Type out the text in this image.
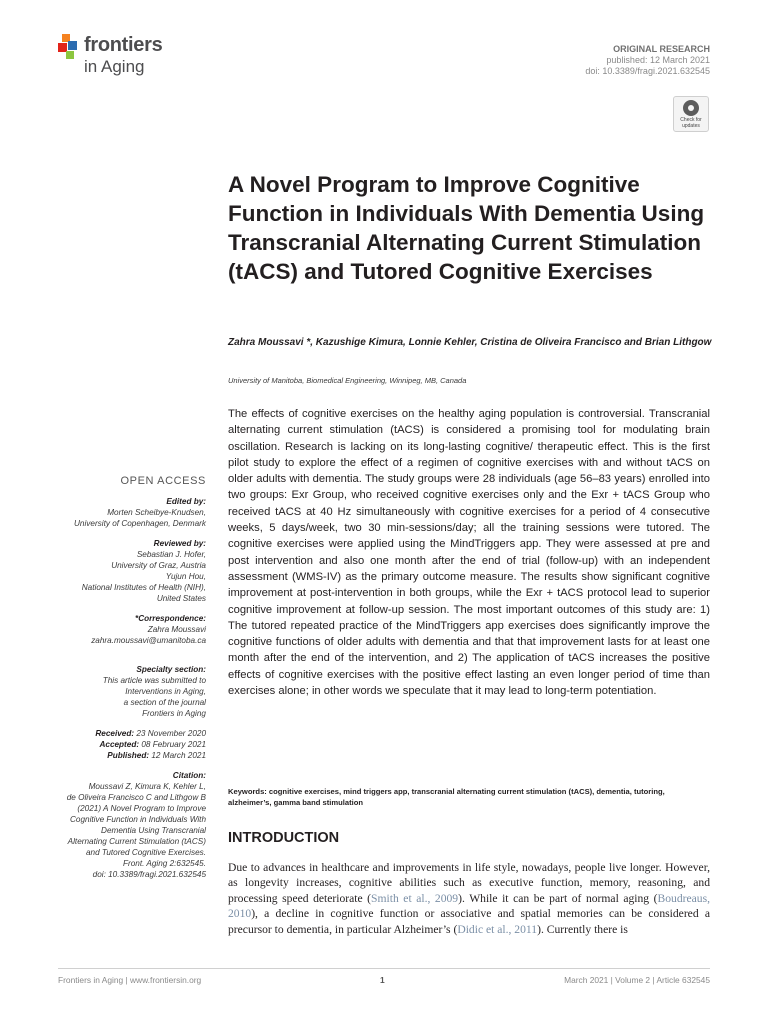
frontiers
in Aging
ORIGINAL RESEARCH
published: 12 March 2021
doi: 10.3389/fragi.2021.632545
Check for
updates
A Novel Program to Improve Cognitive Function in Individuals With Dementia Using Transcranial Alternating Current Stimulation (tACS) and Tutored Cognitive Exercises
Zahra Moussavi *, Kazushige Kimura, Lonnie Kehler, Cristina de Oliveira Francisco and Brian Lithgow
University of Manitoba, Biomedical Engineering, Winnipeg, MB, Canada
The effects of cognitive exercises on the healthy aging population is controversial. Transcranial alternating current stimulation (tACS) is considered a promising tool for modulating brain oscillation. Research is lacking on its long-lasting cognitive/ therapeutic effect. This is the first pilot study to explore the effect of a regimen of cognitive exercises with and without tACS on older adults with dementia. The study groups were 28 individuals (age 56–83 years) enrolled into two groups: Exr Group, who received cognitive exercises only and the Exr + tACS Group who received tACS at 40 Hz simultaneously with cognitive exercises for a period of 4 consecutive weeks, 5 days/week, two 30 min-sessions/day; all the training sessions were tutored. The cognitive exercises were applied using the MindTriggers app. They were assessed at pre and post intervention and also one month after the end of trial (follow-up) with an independent assessment (WMS-IV) as the primary outcome measure. The results show significant cognitive improvement at post-intervention in both groups, while the Exr + tACS protocol lead to superior cognitive improvement at follow-up session. The most important outcomes of this study are: 1) The tutored repeated practice of the MindTriggers app exercises does significantly improve the cognitive functions of older adults with dementia and that that improvement lasts for at least one month after the end of the intervention, and 2) The application of tACS increases the positive effects of cognitive exercises with the positive effect lasting an even longer period of time than exercises alone; in other words we speculate that it may lead to long-term potentiation.
Keywords: cognitive exercises, mind triggers app, transcranial alternating current stimulation (tACS), dementia, tutoring, alzheimer’s, gamma band stimulation
INTRODUCTION
Due to advances in healthcare and improvements in life style, nowadays, people live longer. However, as longevity increases, cognitive abilities such as executive function, memory, reasoning, and processing speed deteriorate (Smith et al., 2009). While it can be part of normal aging (Boudreaus, 2010), a decline in cognitive function or associative and spatial memories can be considered a precursor to dementia, in particular Alzheimer’s (Didic et al., 2011). Currently there is
OPEN ACCESS
Edited by:
Morten Scheibye-Knudsen,
University of Copenhagen, Denmark
Reviewed by:
Sebastian J. Hofer,
University of Graz, Austria
Yujun Hou,
National Institutes of Health (NIH),
United States
*Correspondence:
Zahra Moussavi
zahra.moussavi@umanitoba.ca
Specialty section:
This article was submitted to
Interventions in Aging,
a section of the journal
Frontiers in Aging
Received: 23 November 2020
Accepted: 08 February 2021
Published: 12 March 2021
Citation:
Moussavi Z, Kimura K, Kehler L,
de Oliveira Francisco C and Lithgow B
(2021) A Novel Program to Improve
Cognitive Function in Individuals With
Dementia Using Transcranial
Alternating Current Stimulation (tACS)
and Tutored Cognitive Exercises.
Front. Aging 2:632545.
doi: 10.3389/fragi.2021.632545
Frontiers in Aging | www.frontiersin.org	1	March 2021 | Volume 2 | Article 632545
